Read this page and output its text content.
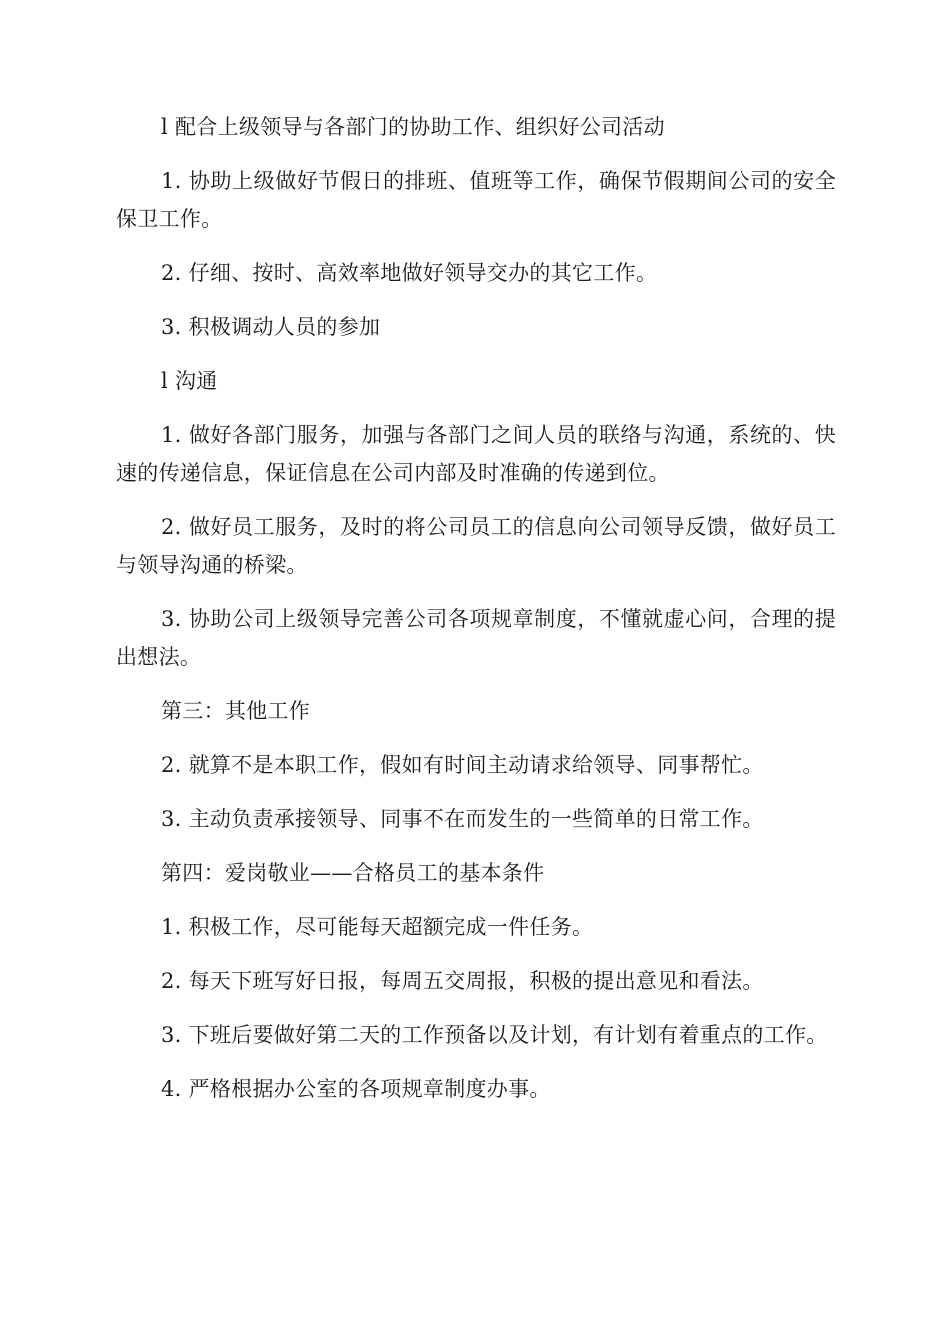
l 配合上级领导与各部门的协助工作、组织好公司活动

1. 协助上级做好节假日的排班、值班等工作，确保节假期间公司的安全保卫工作。

2. 仔细、按时、高效率地做好领导交办的其它工作。

3. 积极调动人员的参加

l 沟通

1. 做好各部门服务，加强与各部门之间人员的联络与沟通，系统的、快速的传递信息，保证信息在公司内部及时准确的传递到位。

2. 做好员工服务，及时的将公司员工的信息向公司领导反馈，做好员工与领导沟通的桥梁。

3. 协助公司上级领导完善公司各项规章制度，不懂就虚心问，合理的提出想法。

第三：其他工作

2. 就算不是本职工作，假如有时间主动请求给领导、同事帮忙。

3. 主动负责承接领导、同事不在而发生的一些简单的日常工作。

第四：爱岗敬业——合格员工的基本条件

1. 积极工作，尽可能每天超额完成一件任务。

2. 每天下班写好日报，每周五交周报，积极的提出意见和看法。

3. 下班后要做好第二天的工作预备以及计划，有计划有着重点的工作。

4. 严格根据办公室的各项规章制度办事。
